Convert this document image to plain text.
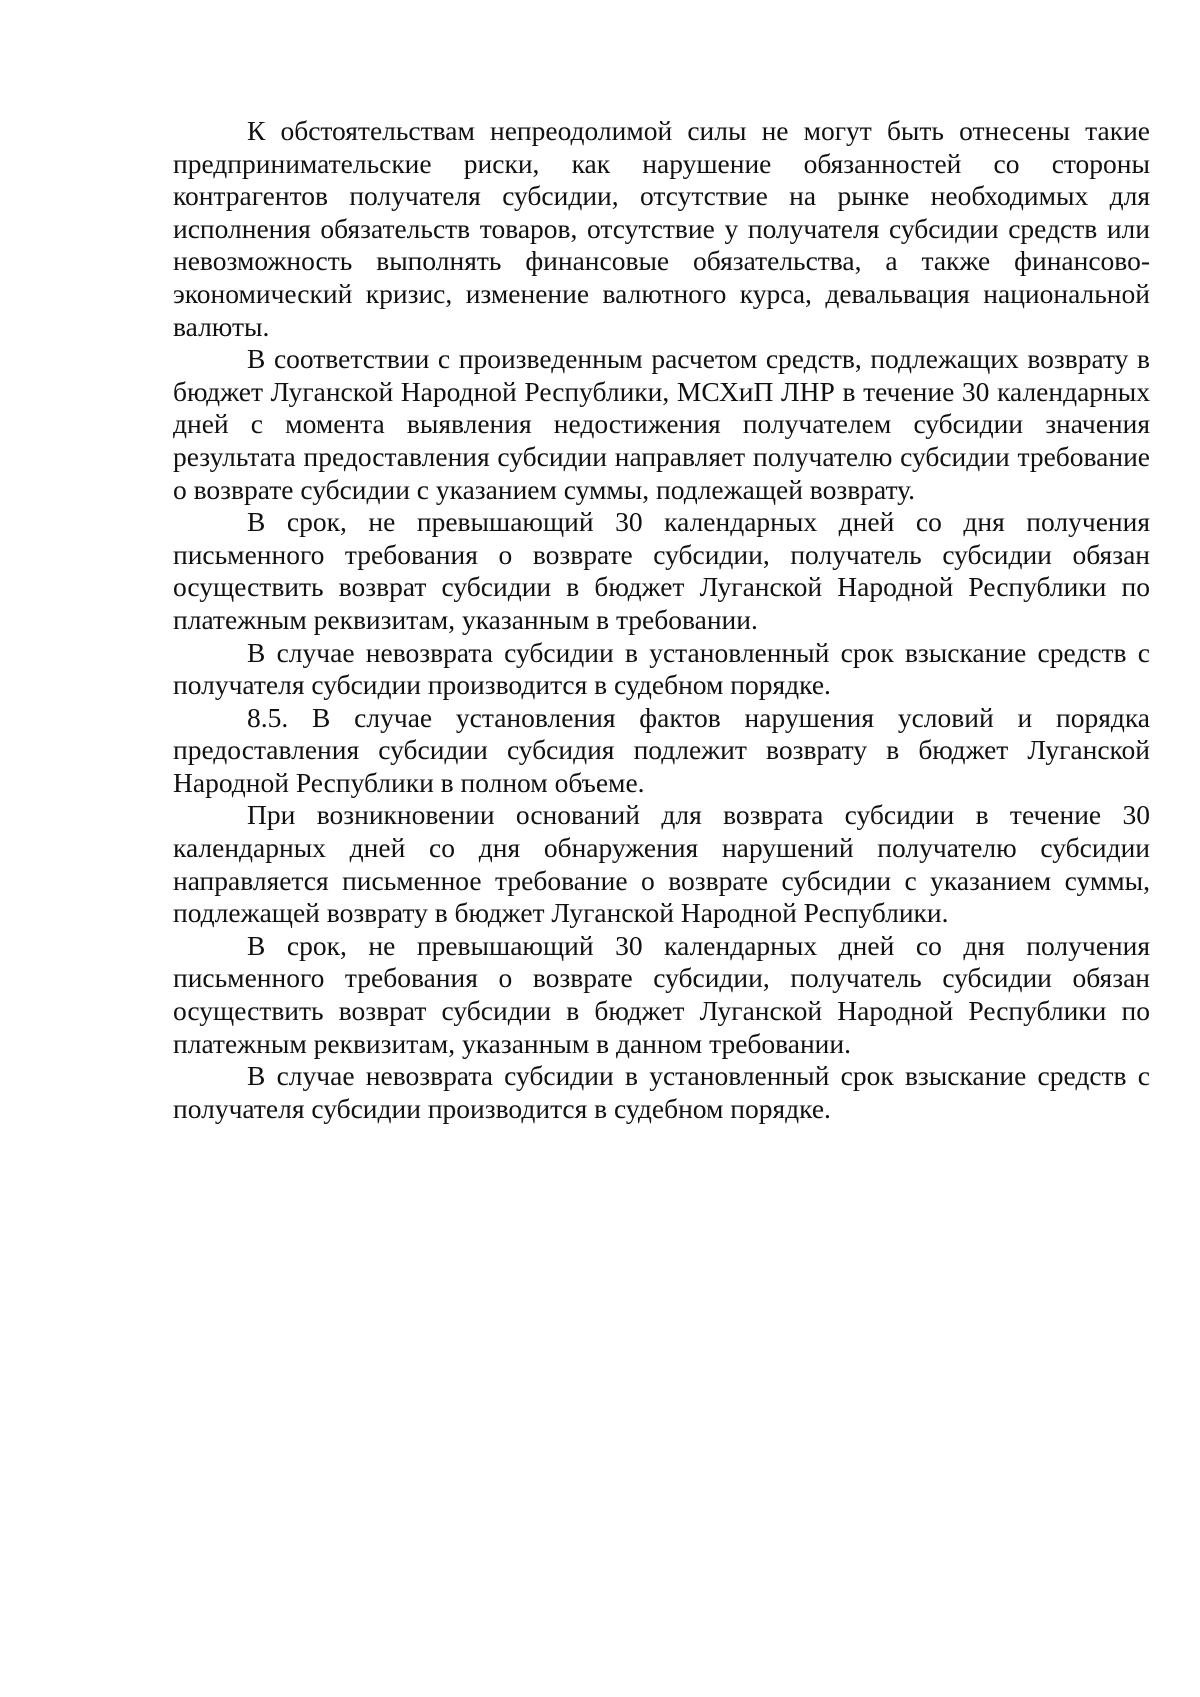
К обстоятельствам непреодолимой силы не могут быть отнесены такие предпринимательские риски, как нарушение обязанностей со стороны контрагентов получателя субсидии, отсутствие на рынке необходимых для исполнения обязательств товаров, отсутствие у получателя субсидии средств или невозможность выполнять финансовые обязательства, а также финансово-экономический кризис, изменение валютного курса, девальвация национальной валюты.

В соответствии с произведенным расчетом средств, подлежащих возврату в бюджет Луганской Народной Республики, МСХиП ЛНР в течение 30 календарных дней с момента выявления недостижения получателем субсидии значения результата предоставления субсидии направляет получателю субсидии требование о возврате субсидии с указанием суммы, подлежащей возврату.

В срок, не превышающий 30 календарных дней со дня получения письменного требования о возврате субсидии, получатель субсидии обязан осуществить возврат субсидии в бюджет Луганской Народной Республики по платежным реквизитам, указанным в требовании.

В случае невозврата субсидии в установленный срок взыскание средств с получателя субсидии производится в судебном порядке.

8.5. В случае установления фактов нарушения условий и порядка предоставления субсидии субсидия подлежит возврату в бюджет Луганской Народной Республики в полном объеме.

При возникновении оснований для возврата субсидии в течение 30 календарных дней со дня обнаружения нарушений получателю субсидии направляется письменное требование о возврате субсидии с указанием суммы, подлежащей возврату в бюджет Луганской Народной Республики.

В срок, не превышающий 30 календарных дней со дня получения письменного требования о возврате субсидии, получатель субсидии обязан осуществить возврат субсидии в бюджет Луганской Народной Республики по платежным реквизитам, указанным в данном требовании.

В случае невозврата субсидии в установленный срок взыскание средств с получателя субсидии производится в судебном порядке.
